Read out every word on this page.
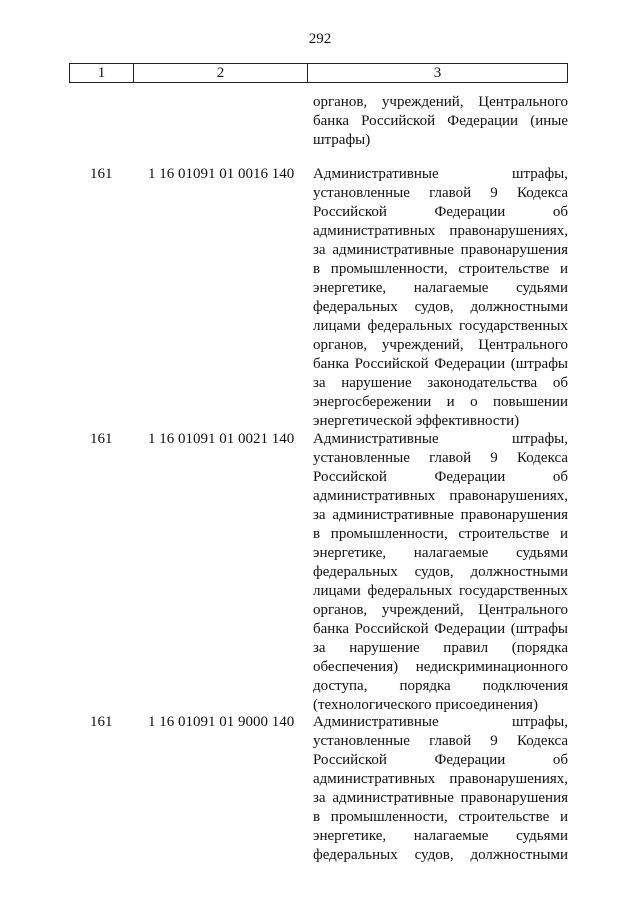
292
1	2	3
органов, учреждений, Центрального
банка Российской Федерации (иные
штрафы)
161 1 16 01091 01 0016 140 Административные штрафы,
установленные главой 9 Кодекса
Российской Федерации об
административных правонарушениях,
за административные правонарушения
в промышленности, строительстве и
энергетике, налагаемые судьями
федеральных судов, должностными
лицами федеральных государственных
органов, учреждений, Центрального
банка Российской Федерации (штрафы
за нарушение законодательства об
энергосбережении и о повышении
энергетической эффективности)
161 1 16 01091 01 0021 140 Административные штрафы,
установленные главой 9 Кодекса
Российской Федерации об
административных правонарушениях,
за административные правонарушения
в промышленности, строительстве и
энергетике, налагаемые судьями
федеральных судов, должностными
лицами федеральных государственных
органов, учреждений, Центрального
банка Российской Федерации (штрафы
за нарушение правил (порядка
обеспечения) недискриминационного
доступа, порядка подключения
(технологического присоединения)
161 1 16 01091 01 9000 140 Административные штрафы,
установленные главой 9 Кодекса
Российской Федерации об
административных правонарушениях,
за административные правонарушения
в промышленности, строительстве и
энергетике, налагаемые судьями
федеральных судов, должностными
